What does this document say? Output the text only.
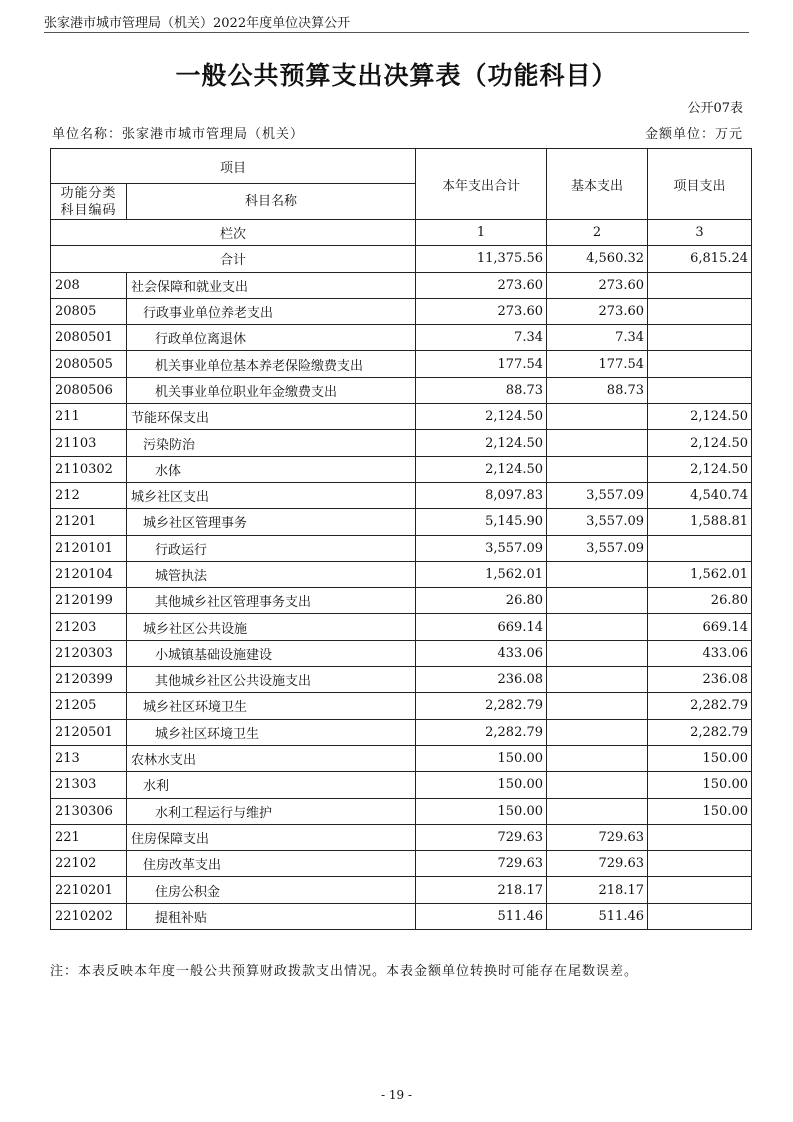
张家港市城市管理局（机关）2022年度单位决算公开
一般公共预算支出决算表（功能科目）
公开07表
单位名称：张家港市城市管理局（机关）	金额单位：万元
项目		本年支出合计	基本支出	项目支出
功能分类科目编码	科目名称			
栏次		1	2	3
合计		11,375.56	4,560.32	6,815.24
208	社会保障和就业支出	273.60	273.60	
20805	行政事业单位养老支出	273.60	273.60	
2080501	行政单位离退休	7.34	7.34	
2080505	机关事业单位基本养老保险缴费支出	177.54	177.54	
2080506	机关事业单位职业年金缴费支出	88.73	88.73	
211	节能环保支出	2,124.50		2,124.50
21103	污染防治	2,124.50		2,124.50
2110302	水体	2,124.50		2,124.50
212	城乡社区支出	8,097.83	3,557.09	4,540.74
21201	城乡社区管理事务	5,145.90	3,557.09	1,588.81
2120101	行政运行	3,557.09	3,557.09	
2120104	城管执法	1,562.01		1,562.01
2120199	其他城乡社区管理事务支出	26.80		26.80
21203	城乡社区公共设施	669.14		669.14
2120303	小城镇基础设施建设	433.06		433.06
2120399	其他城乡社区公共设施支出	236.08		236.08
21205	城乡社区环境卫生	2,282.79		2,282.79
2120501	城乡社区环境卫生	2,282.79		2,282.79
213	农林水支出	150.00		150.00
21303	水利	150.00		150.00
2130306	水利工程运行与维护	150.00		150.00
221	住房保障支出	729.63	729.63	
22102	住房改革支出	729.63	729.63	
2210201	住房公积金	218.17	218.17	
2210202	提租补贴	511.46	511.46	
注：本表反映本年度一般公共预算财政拨款支出情况。本表金额单位转换时可能存在尾数误差。
- 19 -
